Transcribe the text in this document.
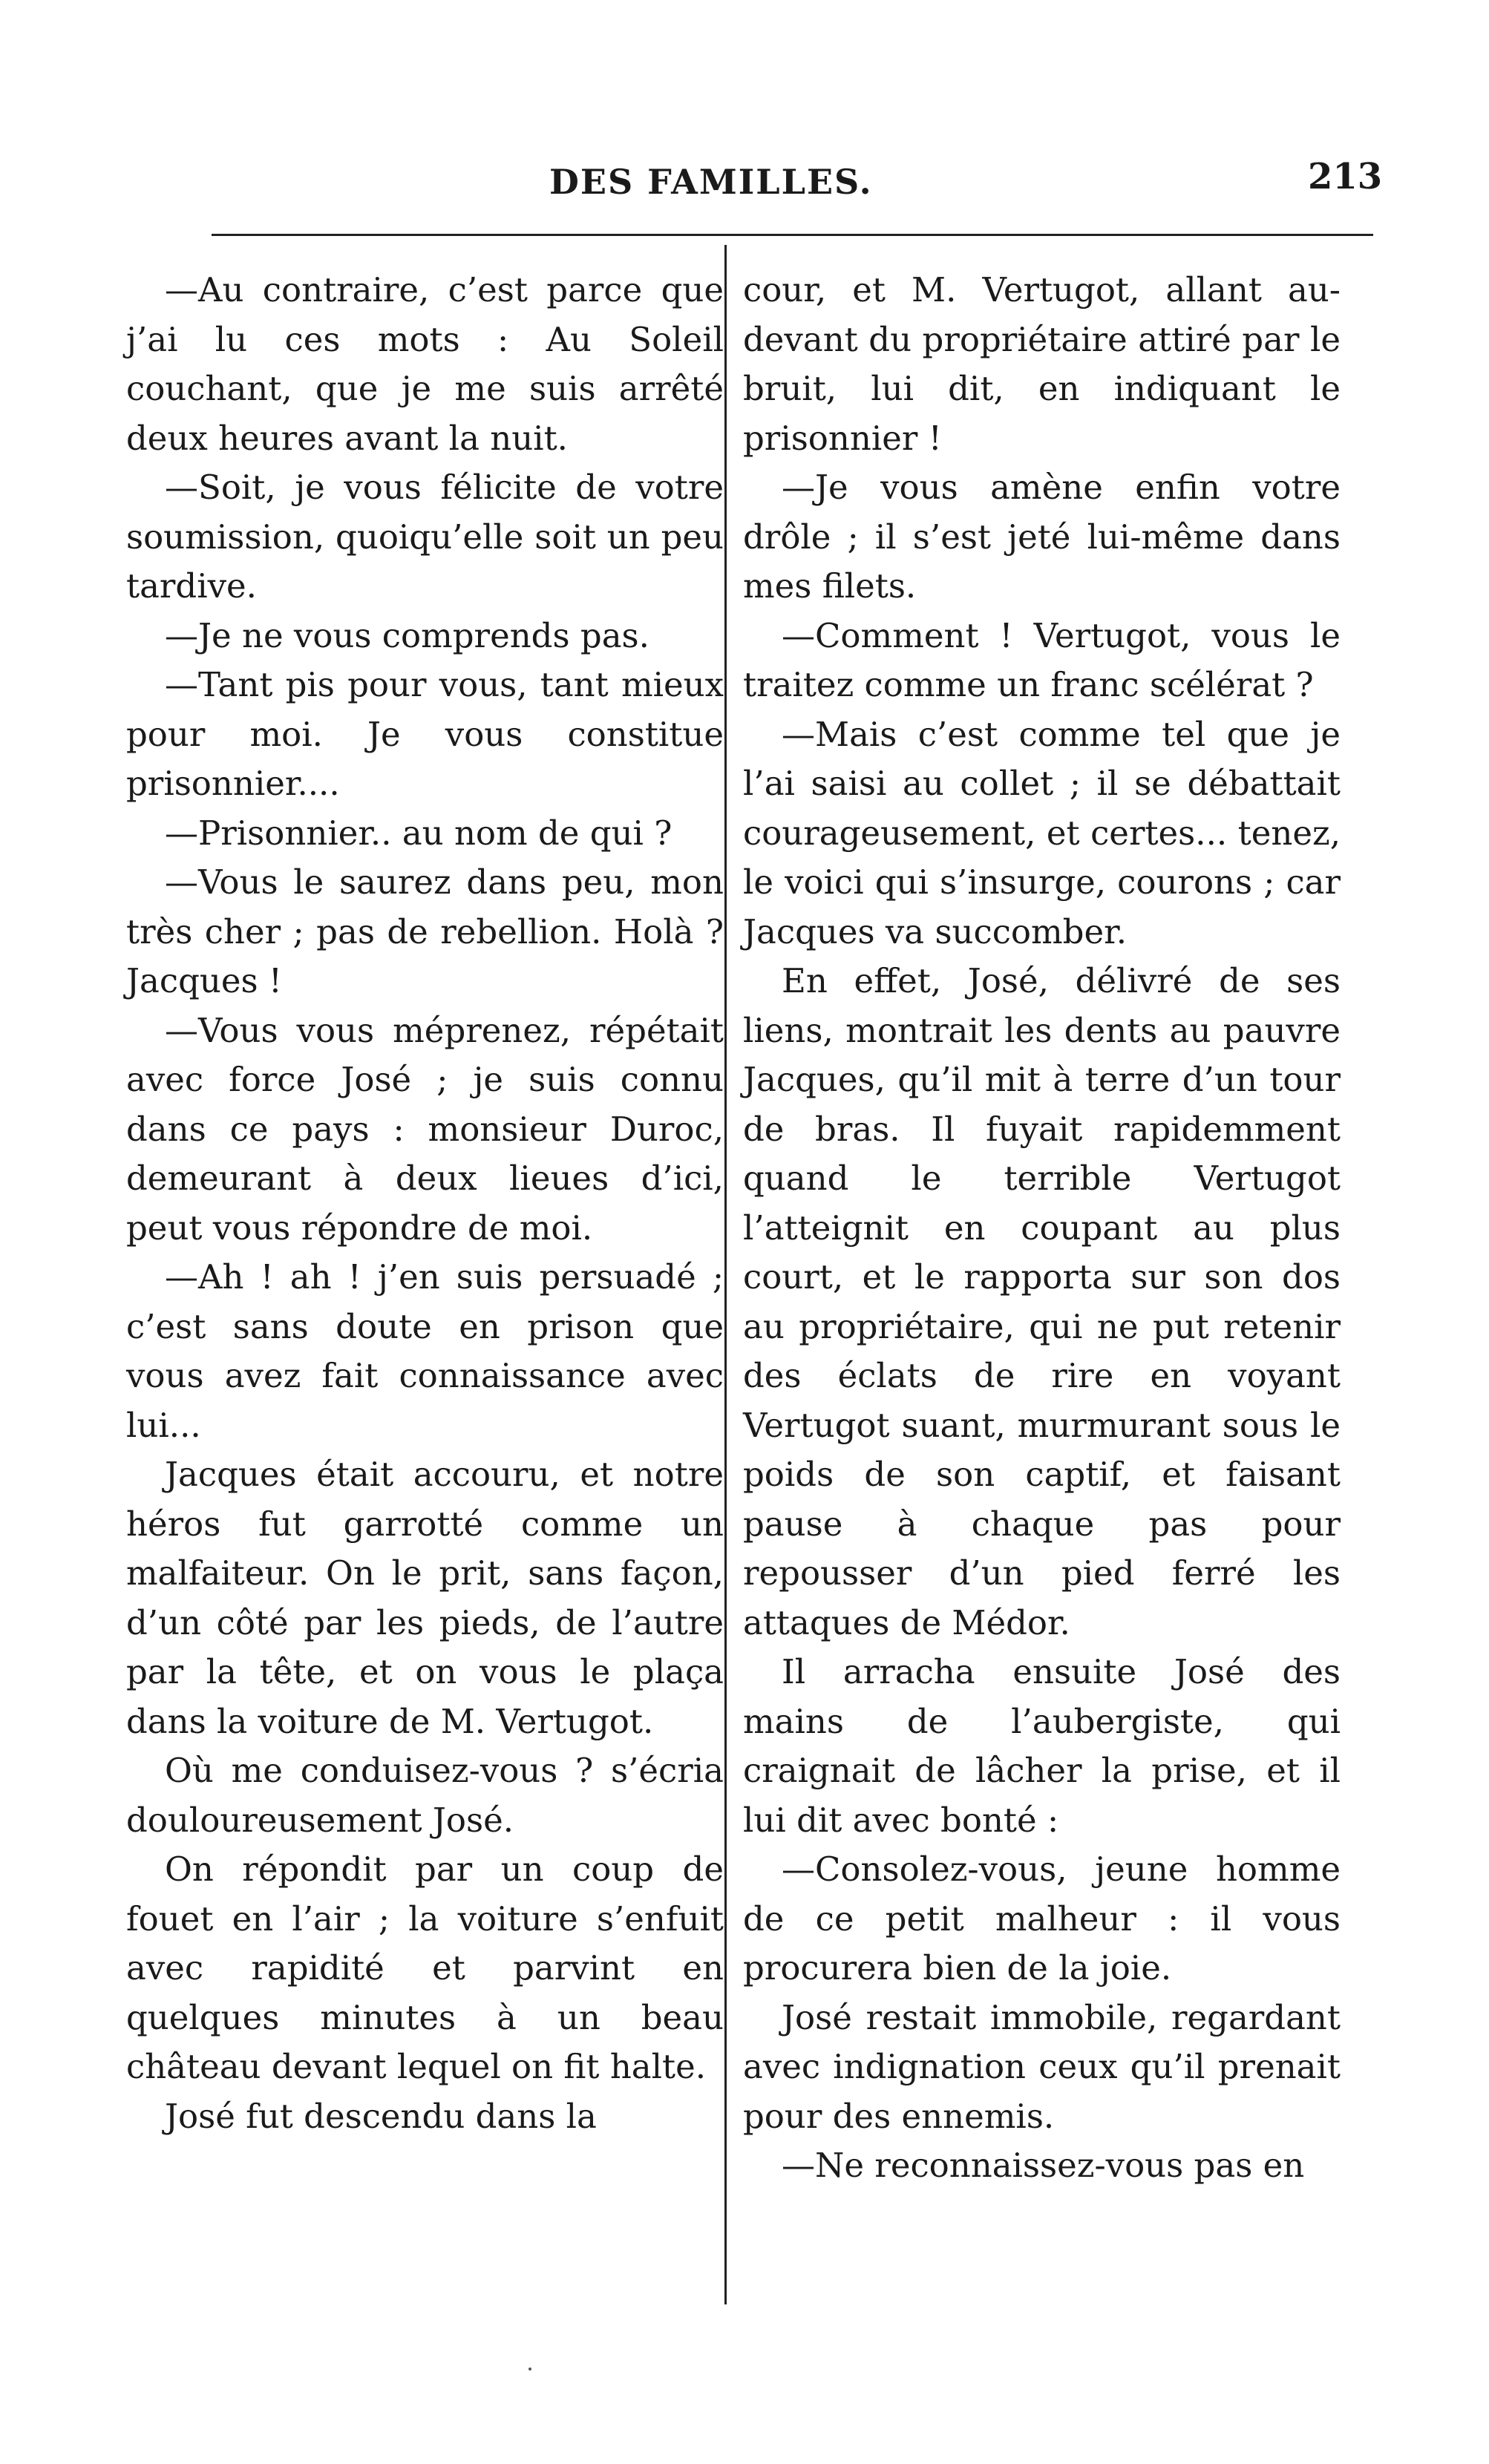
DES FAMILLES.	213

—Au contraire, c’est parce que j’ai lu ces mots : Au Soleil couchant, que je me suis arrêté deux heures avant la nuit.

—Soit, je vous félicite de votre soumission, quoiqu’elle soit un peu tardive.

—Je ne vous comprends pas.

—Tant pis pour vous, tant mieux pour moi. Je vous constitue prisonnier....

—Prisonnier.. au nom de qui ?

—Vous le saurez dans peu, mon très cher ; pas de rebellion. Holà ? Jacques !

—Vous vous méprenez, répétait avec force José ; je suis connu dans ce pays : monsieur Duroc, demeurant à deux lieues d’ici, peut vous répondre de moi.

—Ah ! ah ! j’en suis persuadé ; c’est sans doute en prison que vous avez fait connaissance avec lui...

Jacques était accouru, et notre héros fut garrotté comme un malfaiteur. On le prit, sans façon, d’un côté par les pieds, de l’autre par la tête, et on vous le plaça dans la voiture de M. Vertugot.

Où me conduisez-vous ? s’écria douloureusement José.

On répondit par un coup de fouet en l’air ; la voiture s’enfuit avec rapidité et parvint en quelques minutes à un beau château devant lequel on fit halte.

José fut descendu dans la

cour, et M. Vertugot, allant au-devant du propriétaire attiré par le bruit, lui dit, en indiquant le prisonnier !

—Je vous amène enfin votre drôle ; il s’est jeté lui-même dans mes filets.

—Comment ! Vertugot, vous le traitez comme un franc scélérat ?

—Mais c’est comme tel que je l’ai saisi au collet ; il se débattait courageusement, et certes... tenez, le voici qui s’insurge, courons ; car Jacques va succomber.

En effet, José, délivré de ses liens, montrait les dents au pauvre Jacques, qu’il mit à terre d’un tour de bras. Il fuyait rapidemment quand le terrible Vertugot l’atteignit en coupant au plus court, et le rapporta sur son dos au propriétaire, qui ne put retenir des éclats de rire en voyant Vertugot suant, murmurant sous le poids de son captif, et faisant pause à chaque pas pour repousser d’un pied ferré les attaques de Médor.

Il arracha ensuite José des mains de l’aubergiste, qui craignait de lâcher la prise, et il lui dit avec bonté :

—Consolez-vous, jeune homme de ce petit malheur : il vous procurera bien de la joie.

José restait immobile, regardant avec indignation ceux qu’il prenait pour des ennemis.

—Ne reconnaissez-vous pas en
